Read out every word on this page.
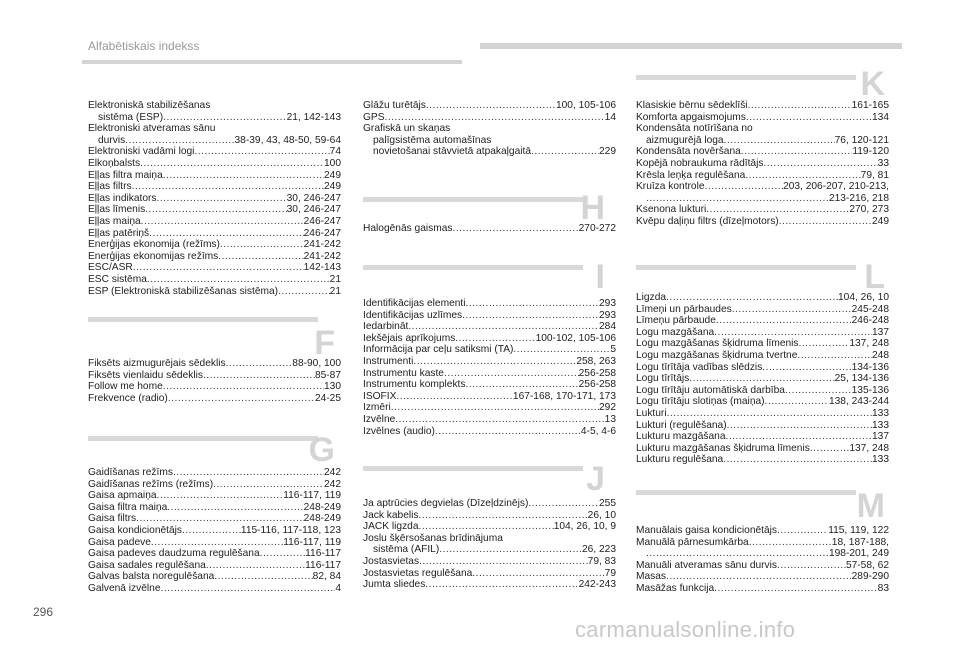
Alfabētiskais indekss
Elektroniskā stabilizēšanas
sistēma (ESP) .....	21, 142-143
Elektroniski atveramas sānu
durvis .....	38-39, 43, 48-50, 59-64
Elektroniski vadāmi logi .....	74
Elkoņbalsts .....	100
Eļļas filtra maiņa .....	249
Eļļas filtrs .....	249
Eļļas indikators .....	30, 246-247
Eļļas līmenis .....	30, 246-247
Eļļas maiņa .....	246-247
Eļļas patēriņš .....	246-247
Enerģijas ekonomija (režīms) .....	241-242
Enerģijas ekonomijas režīms .....	241-242
ESC/ASR .....	142-143
ESC sistēma .....	21
ESP (Elektroniskā stabilizēšanas sistēma) .....	21
F
Fiksēts aizmugurējais sēdeklis .....	88-90, 100
Fiksēts vienlaidu sēdeklis .....	85-87
Follow me home .....	130
Frekvence (radio) .....	24-25
G
Gaidīšanas režīms .....	242
Gaidīšanas režīms (režīms) .....	242
Gaisa apmaiņa .....	116-117, 119
Gaisa filtra maiņa .....	248-249
Gaisa filtrs .....	248-249
Gaisa kondicionētājs .....	115-116, 117-118, 123
Gaisa padeve .....	116-117, 119
Gaisa padeves daudzuma regulēšana .....	116-117
Gaisa sadales regulēšana .....	116-117
Galvas balsta noregulēšana .....	82, 84
Galvenā izvēlne .....	4
Glāžu turētājs .....	100, 105-106
GPS .....	14
Grafiskā un skaņas
palīgsistēma automašīnas
novietošanai stāvvietā atpakaļgaitā .....	229
H
Halogēnās gaismas .....	270-272
I
Identifikācijas elementi .....	293
Identifikācijas uzlīmes .....	293
Iedarbināt .....	284
Iekšējais aprīkojums .....	100-102, 105-106
Informācija par ceļu satiksmi (TA) .....	5
Instrumenti .....	258, 263
Instrumentu kaste .....	256-258
Instrumentu komplekts .....	256-258
ISOFIX .....	167-168, 170-171, 173
Izmēri .....	292
Izvēlne .....	13
Izvēlnes (audio) .....	4-5, 4-6
J
Ja aptrūcies degvielas (Dīzeļdzinējs) .....	255
Jack kabelis .....	26, 10
JACK ligzda .....	104, 26, 10, 9
Joslu šķērsošanas brīdinājuma
sistēma (AFIL) .....	26, 223
Jostasvietas .....	79, 83
Jostasvietas regulēšana .....	79
Jumta sliedes .....	242-243
K
Klasiskie bērnu sēdeklīši .....	161-165
Komforta apgaismojums .....	134
Kondensāta notīrīšana no
aizmugurējā loga .....	76, 120-121
Kondensāta novēršana .....	119-120
Kopējā nobraukuma rādītājs .....	33
Krēsla leņķa regulēšana .....	79, 81
Kruīza kontrole .....	203, 206-207, 210-213,
.....
213-216, 218
Ksenona lukturi .....	270, 273
Kvēpu daļiņu filtrs (dīzeļmotors) .....	249
L
Ligzda .....	104, 26, 10
Līmeņi un pārbaudes .....	245-248
Līmeņu pārbaude .....	246-248
Logu mazgāšana .....	137
Logu mazgāšanas šķidruma līmenis .....	137, 248
Logu mazgāšanas šķidruma tvertne .....	248
Logu tīrītāja vadības slēdzis .....	134-136
Logu tīrītājs .....	25, 134-136
Logu tīrītāju automātiskā darbība .....	135-136
Logu tīrītāju slotiņas (maiņa) .....	138, 243-244
Lukturi .....	133
Lukturi (regulēšana) .....	133
Lukturu mazgāšana .....	137
Lukturu mazgāšanas šķidruma līmenis .....	137, 248
Lukturu regulēšana .....	133
M
Manuālais gaisa kondicionētājs .....	115, 119, 122
Manuālā pārnesumkārba .....	18, 187-188,
.....
198-201, 249
Manuāli atveramas sānu durvis .....	57-58, 62
Masas .....	289-290
Masāžas funkcija .....	83
296
carmanualsonline.info
